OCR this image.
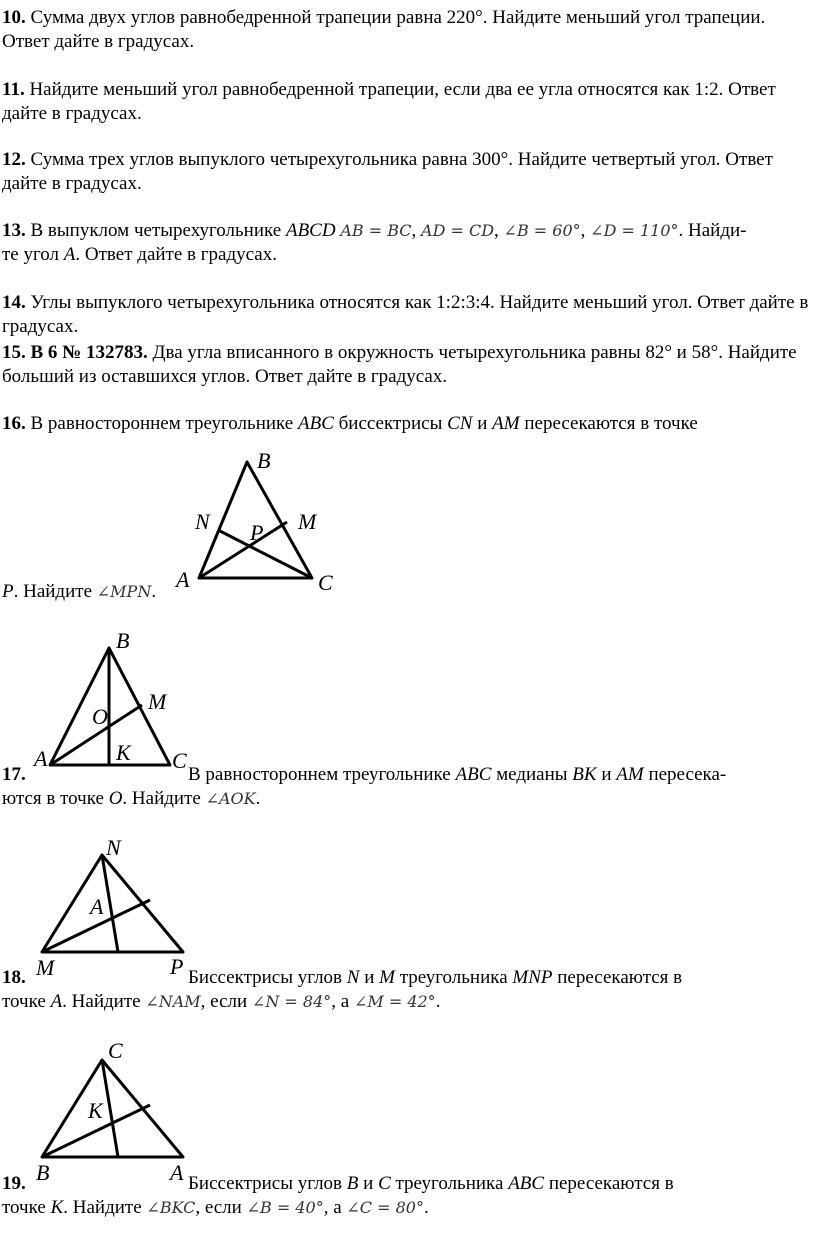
10. Сумма двух углов равнобедренной трапеции равна 220°. Найдите меньший угол трапеции. Ответ дайте в градусах.

11. Найдите меньший угол равнобедренной трапеции, если два ее угла относятся как 1:2. Ответ дайте в градусах.

12. Сумма трех углов выпуклого четырехугольника равна 300°. Найдите четвертый угол. Ответ дайте в градусах.

13. В выпуклом четырехугольнике ABCD AB = BC, AD = CD, ∠B = 60°, ∠D = 110°. Найди-
те угол A. Ответ дайте в градусах.

14. Углы выпуклого четырехугольника относятся как 1:2:3:4. Найдите меньший угол. Ответ дайте в градусах.

15. В 6 № 132783. Два угла вписанного в окружность четырехугольника равны 82° и 58°. Найдите больший из оставшихся углов. Ответ дайте в градусах.

16. В равностороннем треугольнике ABC биссектрисы CN и AM пересекаются в точке
B
N	M
P
A	C
P. Найдите ∠MPN.
B
M
O
K
A	C
17.	В равностороннем треугольнике ABC медианы BK и AM пересека-
ются в точке O. Найдите ∠AOK.
N
A
M	P
18.	Биссектрисы углов N и M треугольника MNP пересекаются в
точке A. Найдите ∠NAM, если ∠N = 84°, а ∠M = 42°.
C
K
B	A
19.	Биссектрисы углов B и C треугольника ABC пересекаются в
точке K. Найдите ∠BKC, если ∠B = 40°, а ∠C = 80°.
